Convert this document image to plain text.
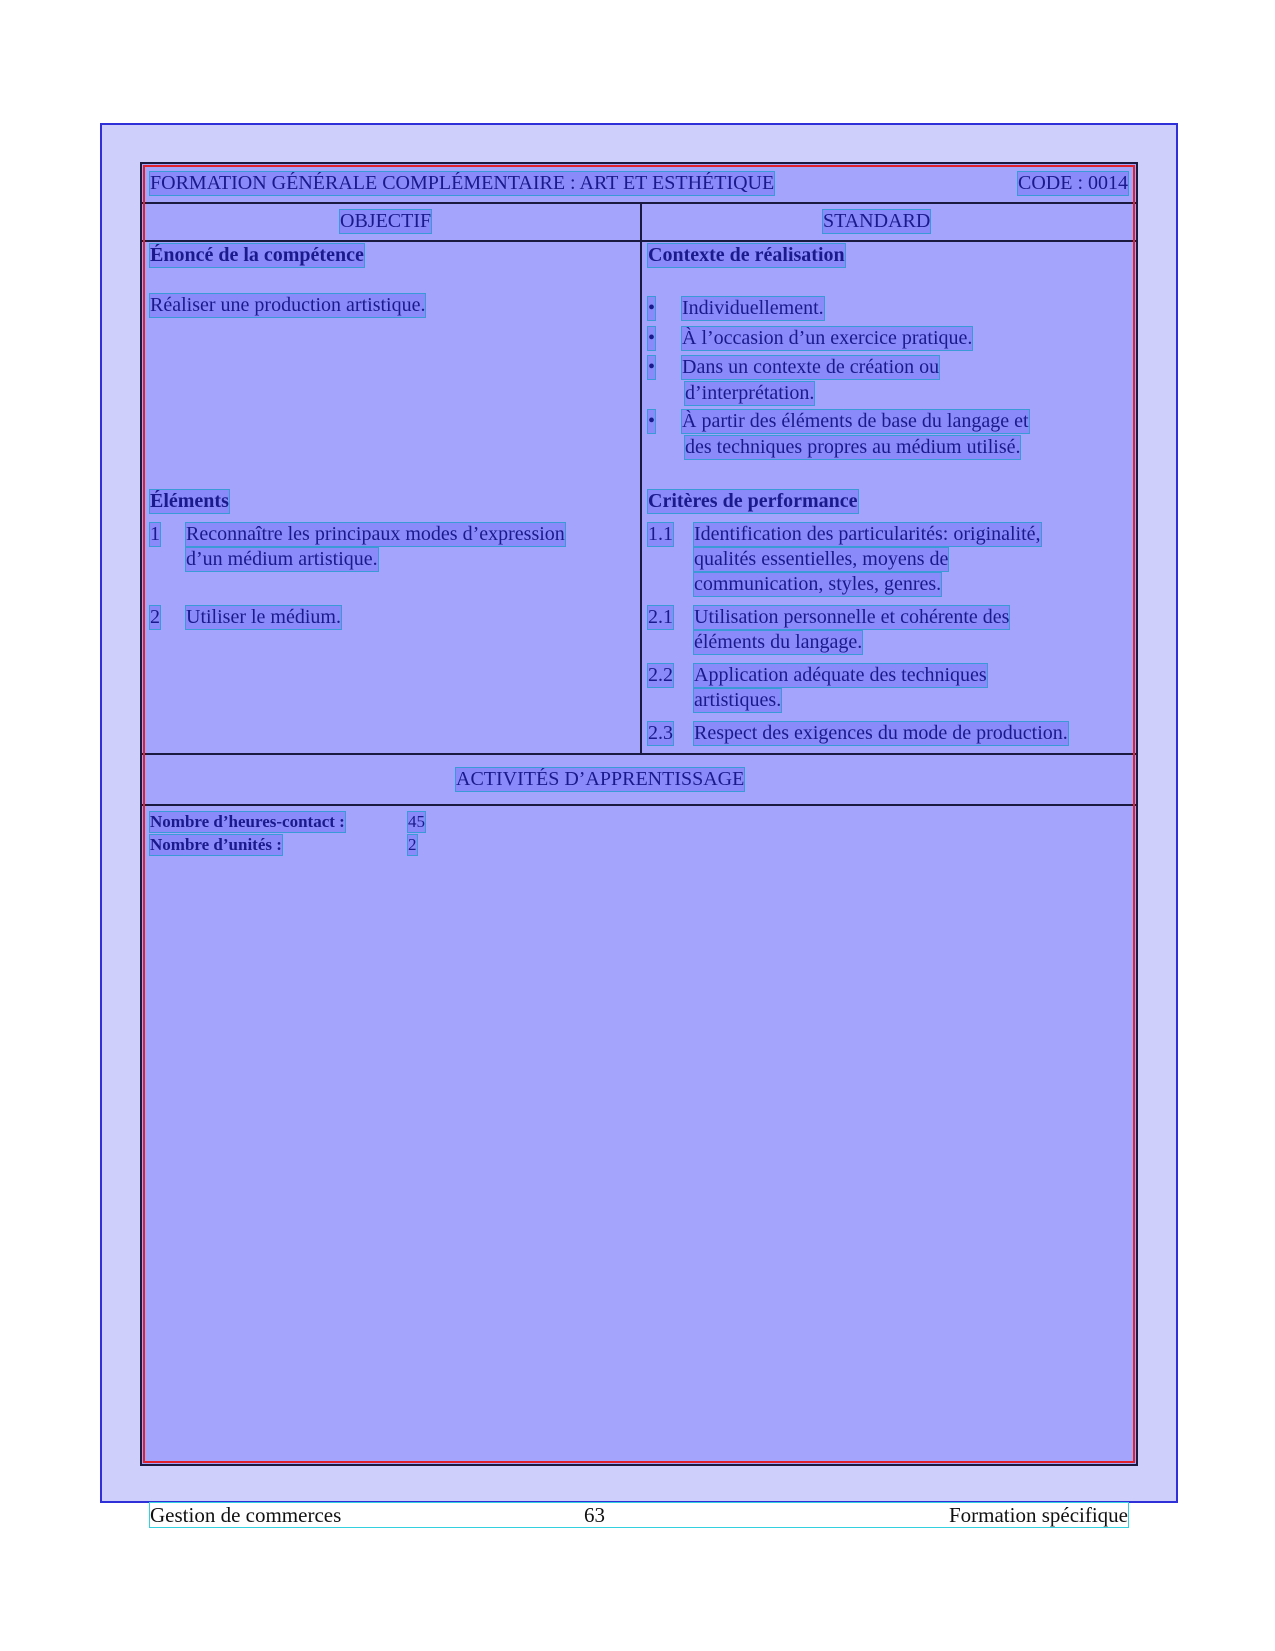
FORMATION GÉNÉRALE COMPLÉMENTAIRE : ART ET ESTHÉTIQUE	CODE : 0014
OBJECTIF	STANDARD
Énoncé de la compétence
Réaliser une production artistique.
Contexte de réalisation
• Individuellement.
• À l’occasion d’un exercice pratique.
• Dans un contexte de création ou
d’interprétation.
• À partir des éléments de base du langage et
des techniques propres au médium utilisé.
Éléments
1 Reconnaître les principaux modes d’expression
d’un médium artistique.
2 Utiliser le médium.
Critères de performance
1.1 Identification des particularités: originalité,
qualités essentielles, moyens de
communication, styles, genres.
2.1 Utilisation personnelle et cohérente des
éléments du langage.
2.2 Application adéquate des techniques
artistiques.
2.3 Respect des exigences du mode de production.
ACTIVITÉS D’APPRENTISSAGE
Nombre d’heures-contact :	45
Nombre d’unités :	2
Gestion de commerces	63	Formation spécifique
